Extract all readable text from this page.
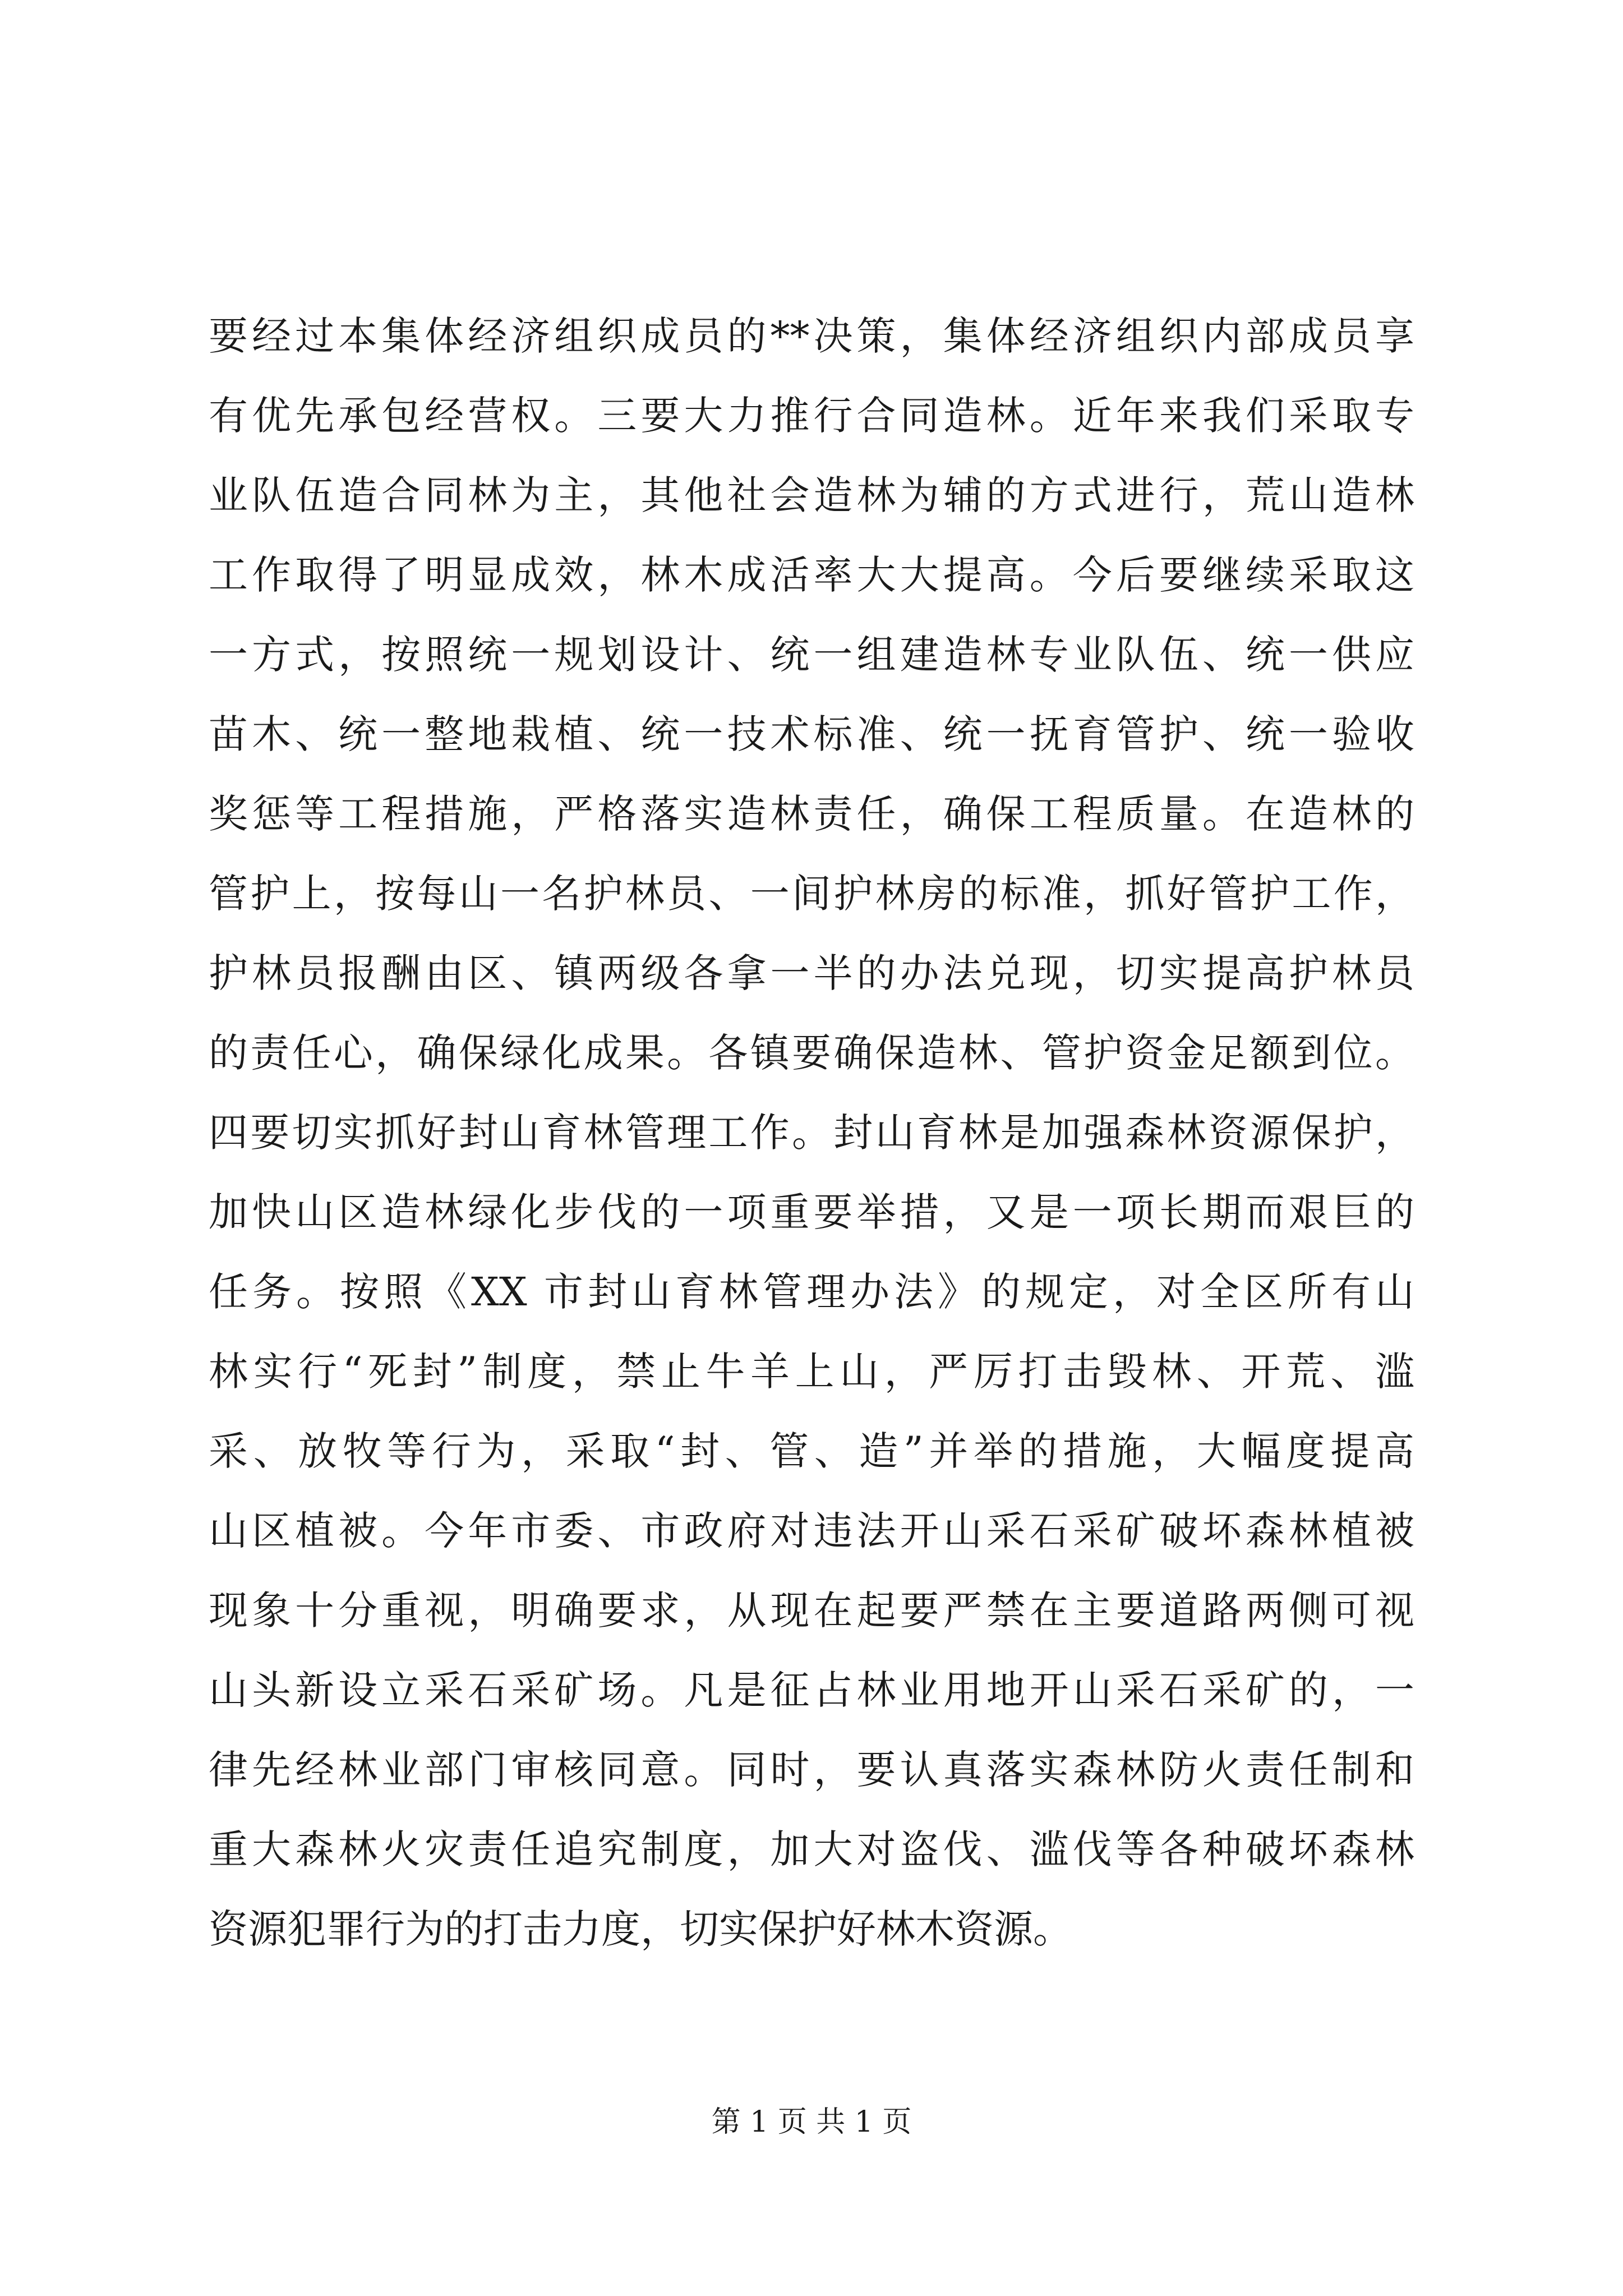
要经过本集体经济组织成员的**决策，集体经济组织内部成员享
有优先承包经营权。三要大力推行合同造林。近年来我们采取专
业队伍造合同林为主，其他社会造林为辅的方式进行，荒山造林
工作取得了明显成效，林木成活率大大提高。今后要继续采取这
一方式，按照统一规划设计、统一组建造林专业队伍、统一供应
苗木、统一整地栽植、统一技术标准、统一抚育管护、统一验收
奖惩等工程措施，严格落实造林责任，确保工程质量。在造林的
管护上，按每山一名护林员、一间护林房的标准，抓好管护工作，
护林员报酬由区、镇两级各拿一半的办法兑现，切实提高护林员
的责任心，确保绿化成果。各镇要确保造林、管护资金足额到位。
四要切实抓好封山育林管理工作。封山育林是加强森林资源保护，
加快山区造林绿化步伐的一项重要举措，又是一项长期而艰巨的
任务。按照《XX 市封山育林管理办法》的规定，对全区所有山
林实行“死封”制度，禁止牛羊上山，严厉打击毁林、开荒、滥
采、放牧等行为，采取“封、管、造”并举的措施，大幅度提高
山区植被。今年市委、市政府对违法开山采石采矿破坏森林植被
现象十分重视，明确要求，从现在起要严禁在主要道路两侧可视
山头新设立采石采矿场。凡是征占林业用地开山采石采矿的，一
律先经林业部门审核同意。同时，要认真落实森林防火责任制和
重大森林火灾责任追究制度，加大对盗伐、滥伐等各种破坏森林
资源犯罪行为的打击力度，切实保护好林木资源。
第 1 页 共 1 页
